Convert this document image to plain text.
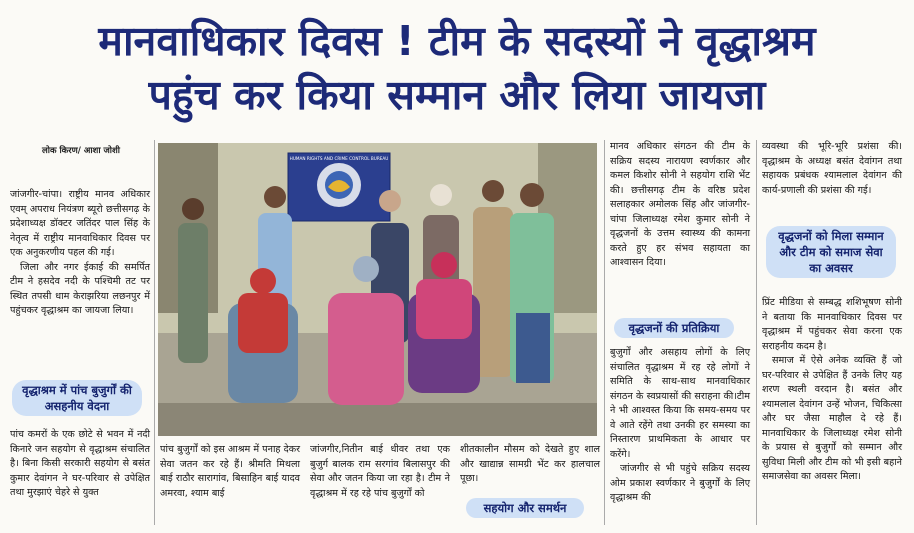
मानवाधिकार दिवस ! टीम के सदस्यों ने वृद्धाश्रम
पहुंच कर किया सम्मान और लिया जायजा
लोक किरण/ आशा जोशी
HUMAN RIGHTS AND CRIME CONTROL BUREAU

जांजगीर-चांपा। राष्ट्रीय मानव अधिकार एवम् अपराध नियंत्रण ब्यूरो छत्तीसगढ़ के प्रदेशाध्यक्ष डॉक्टर जतिंदर पाल सिंह के नेतृत्व में राष्ट्रीय मानवाधिकार दिवस पर एक अनुकरणीय पहल की गई।

जिला और नगर ईकाई की समर्पित टीम ने हसदेव नदी के पश्चिमी तट पर स्थित तपसी धाम केराझरिया लछनपुर में पहुंचकर वृद्धाश्रम का जायजा लिया।

वृद्धाश्रम में पांच बुजुर्गों की असहनीय वेदना

पांच कमरों के एक छोटे से भवन में नदी किनारे जन सहयोग से वृद्धाश्रम संचालित है। बिना किसी सरकारी सहयोग से बसंत कुमार देवांगन ने घर-परिवार से उपेक्षित तथा मुरझाएं चेहरे से युक्त

पांच बुजुर्गों को इस आश्रम में पनाह देकर सेवा जतन कर रहे हैं। श्रीमति मिथला बाई राठौर सारागांव, बिसाहिन बाई यादव अमरवा, श्याम बाई

जांजगीर,नितीन बाई धीवर तथा एक बुजुर्ग बालक राम सरगांव बिलासपुर की सेवा और जतन किया जा रहा है। टीम ने वृद्धाश्रम में रह रहे पांच बुजुर्गों को

शीतकालीन मौसम को देखते हुए शाल और खाद्यान्न सामग्री भेंट कर हालचाल पूछा।

सहयोग और समर्थन

मानव अधिकार संगठन की टीम के सक्रिय सदस्य नारायण स्वर्णकार और कमल किशोर सोनी ने सहयोग राशि भेंट की। छत्तीसगढ़ टीम के वरिष्ठ प्रदेश सलाहकार अमोलक सिंह और जांजगीर-चांपा जिलाध्यक्ष रमेश कुमार सोनी ने वृद्धजनों के उत्तम स्वास्थ्य की कामना करते हुए हर संभव सहायता का आश्वासन दिया।

वृद्धजनों की प्रतिक्रिया

बुजुर्गों और असहाय लोगों के लिए संचालित वृद्धाश्रम में रह रहे लोगों ने समिति के साथ-साथ मानवाधिकार संगठन के स्वप्रयासों की सराहना की।टीम ने भी आश्वस्त किया कि समय-समय पर वे आते रहेंगे तथा उनकी हर समस्या का निस्तारण प्राथमिकता के आधार पर करेंगे।

जांजगीर से भी पहुंचे सक्रिय सदस्य ओम प्रकाश स्वर्णकार ने बुजुर्गों के लिए वृद्धाश्रम की

व्यवस्था की भूरि-भूरि प्रशंसा की। वृद्धाश्रम के अध्यक्ष बसंत देवांगन तथा सहायक प्रबंधक श्यामलाल देवांगन की कार्य-प्रणाली की प्रशंसा की गई।

वृद्धजनों को मिला सम्मान और टीम को समाज सेवा का अवसर

प्रिंट मीडिया से सम्बद्ध शशिभूषण सोनी ने बताया कि मानवाधिकार दिवस पर वृद्धाश्रम में पहुंचकर सेवा करना एक सराहनीय कदम है।

समाज में ऐसे अनेक व्यक्ति हैं जो घर-परिवार से उपेक्षित हैं उनके लिए यह शरण स्थली वरदान है। बसंत और श्यामलाल देवांगन उन्हें भोजन, चिकित्सा और घर जैसा माहौल दे रहे हैं। मानवाधिकार के जिलाध्यक्ष रमेश सोनी के प्रयास से बुजुर्गों को सम्मान और सुविधा मिली और टीम को भी इसी बहाने समाजसेवा का अवसर मिला।
